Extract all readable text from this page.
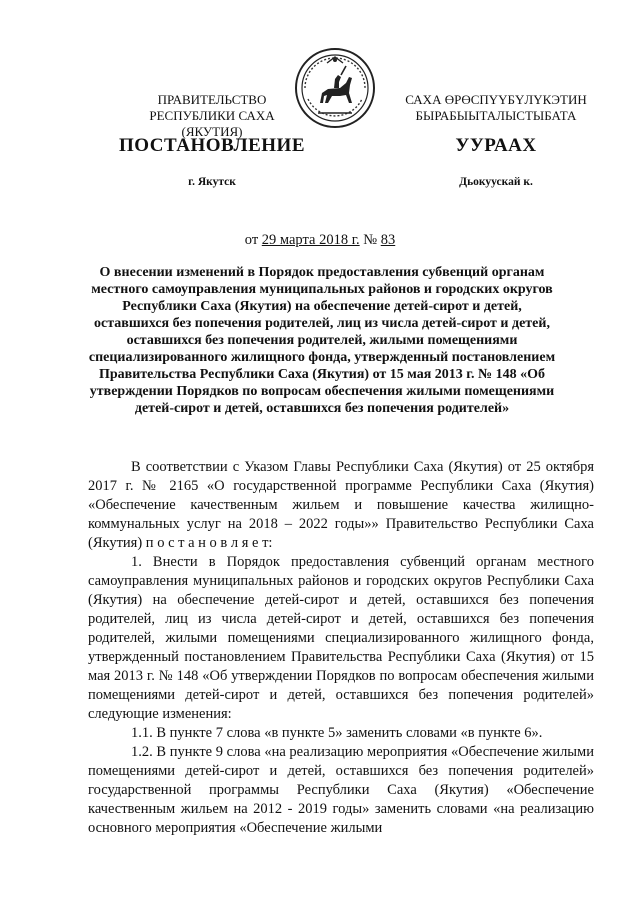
ПРАВИТЕЛЬСТВО
РЕСПУБЛИКИ САХА (ЯКУТИЯ)
САХА ӨРӨСПҮҮБҮЛҮКЭТИН
БЫРАБЫЫТАЛЫСТЫБАТА
ПОСТАНОВЛЕНИЕ	УУРААХ
г. Якутск	Дьокуускай к.
от 29 марта 2018 г. № 83
О внесении изменений в Порядок предоставления субвенций органам местного самоуправления муниципальных районов и городских округов Республики Саха (Якутия) на обеспечение детей-сирот и детей, оставшихся без попечения родителей, лиц из числа детей-сирот и детей, оставшихся без попечения родителей, жилыми помещениями специализированного жилищного фонда, утвержденный постановлением Правительства Республики Саха (Якутия) от 15 мая 2013 г. № 148 «Об утверждении Порядков по вопросам обеспечения жилыми помещениями детей-сирот и детей, оставшихся без попечения родителей»

В соответствии с Указом Главы Республики Саха (Якутия) от 25 октября 2017 г. № 2165 «О государственной программе Республики Саха (Якутия) «Обеспечение качественным жильем и повышение качества жилищно-коммунальных услуг на 2018 – 2022 годы»» Правительство Республики Саха (Якутия) п о с т а н о в л я е т:

1. Внести в Порядок предоставления субвенций органам местного самоуправления муниципальных районов и городских округов Республики Саха (Якутия) на обеспечение детей-сирот и детей, оставшихся без попечения родителей, лиц из числа детей-сирот и детей, оставшихся без попечения родителей, жилыми помещениями специализированного жилищного фонда, утвержденный постановлением Правительства Республики Саха (Якутия) от 15 мая 2013 г. № 148 «Об утверждении Порядков по вопросам обеспечения жилыми помещениями детей-сирот и детей, оставшихся без попечения родителей» следующие изменения:

1.1. В пункте 7 слова «в пункте 5» заменить словами «в пункте 6».

1.2. В пункте 9 слова «на реализацию мероприятия «Обеспечение жилыми помещениями детей-сирот и детей, оставшихся без попечения родителей» государственной программы Республики Саха (Якутия) «Обеспечение качественным жильем на 2012 - 2019 годы» заменить словами «на реализацию основного мероприятия «Обеспечение жилыми
